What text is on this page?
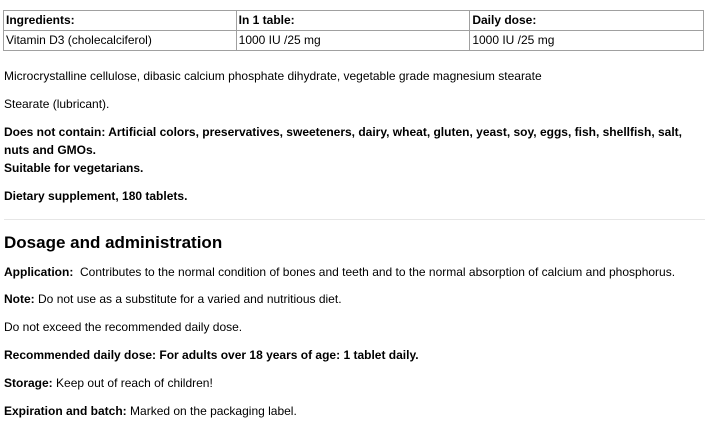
Ingredients:	In 1 table:	Daily dose:
Vitamin D3 (cholecalciferol)	1000 IU /25 mg	1000 IU /25 mg

Microcrystalline cellulose, dibasic calcium phosphate dihydrate, vegetable grade magnesium stearate

Stearate (lubricant).

Does not contain: Artificial colors, preservatives, sweeteners, dairy, wheat, gluten, yeast, soy, eggs, fish, shellfish, salt, nuts and GMOs.

Suitable for vegetarians.

Dietary supplement, 180 tablets.

Dosage and administration

Application: Contributes to the normal condition of bones and teeth and to the normal absorption of calcium and phosphorus.

Note: Do not use as a substitute for a varied and nutritious diet.

Do not exceed the recommended daily dose.

Recommended daily dose: For adults over 18 years of age: 1 tablet daily.

Storage: Keep out of reach of children!

Expiration and batch: Marked on the packaging label.
